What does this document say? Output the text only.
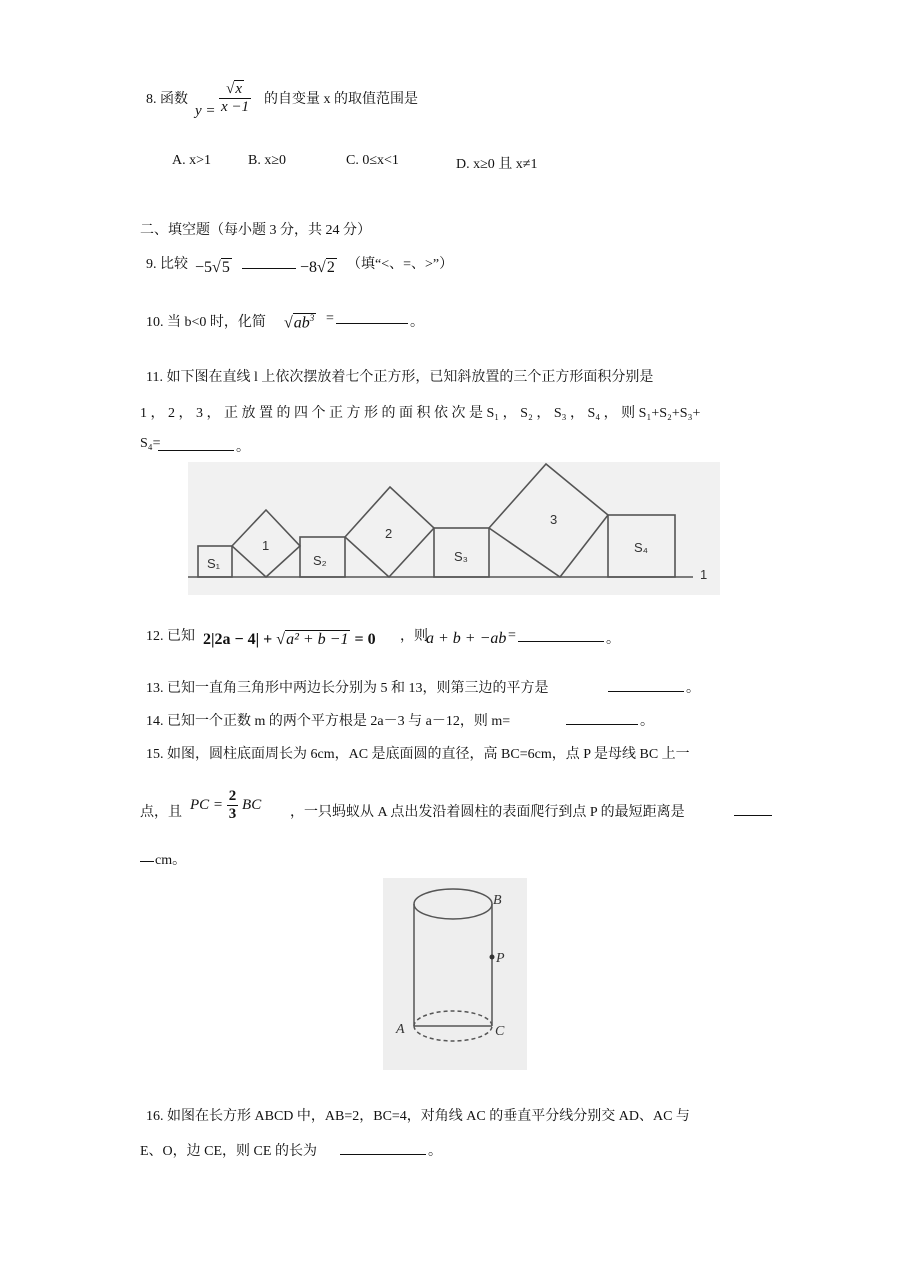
8. 函数
$y = \frac{√x}{x -1}$ 的自变量 x 的取值范围是
A. x>1	B. x≥0	C. 0≤x<1	D. x≥0 且 x≠1
二、填空题（每小题 3 分，共 24 分）
9. 比较 −5√5	−8√2 （填“<、=、>”）
10. 当 b<0 时，化简 $√ab^3$ =	。
11. 如下图在直线 l 上依次摆放着七个正方形，已知斜放置的三个正方形面积分别是
1 ， 2 ， 3 ， 正 放 置 的 四 个 正 方 形 的 面 积 依 次 是 S₁ ， S₂ ， S₃ ， S₄ ， 则 S₁+S₂+S₃+
S₄=	。
S₁
1
S₂
2
S₃
3
S₄
1
12. 已知 2|2a − 4| + √a² + b −1 = 0 ，则
a + b + −ab =	。
13. 已知一直角三角形中两边长分别为 5 和 13，则第三边的平方是	。
14. 已知一个正数 m 的两个平方根是 2a－3 与 a－12，则 m=	。
15. 如图，圆柱底面周长为 6cm，AC 是底面圆的直径，高 BC=6cm，点 P 是母线 BC 上一
点，且 PC = $\frac{2}{3}$ BC ，一只蚂蚁从 A 点出发沿着圆柱的表面爬行到点 P 的最短距离是
cm。
B
P
A	C
16. 如图在长方形 ABCD 中，AB=2，BC=4，对角线 AC 的垂直平分线分别交 AD、AC 与
E、O，边 CE，则 CE 的长为	。
